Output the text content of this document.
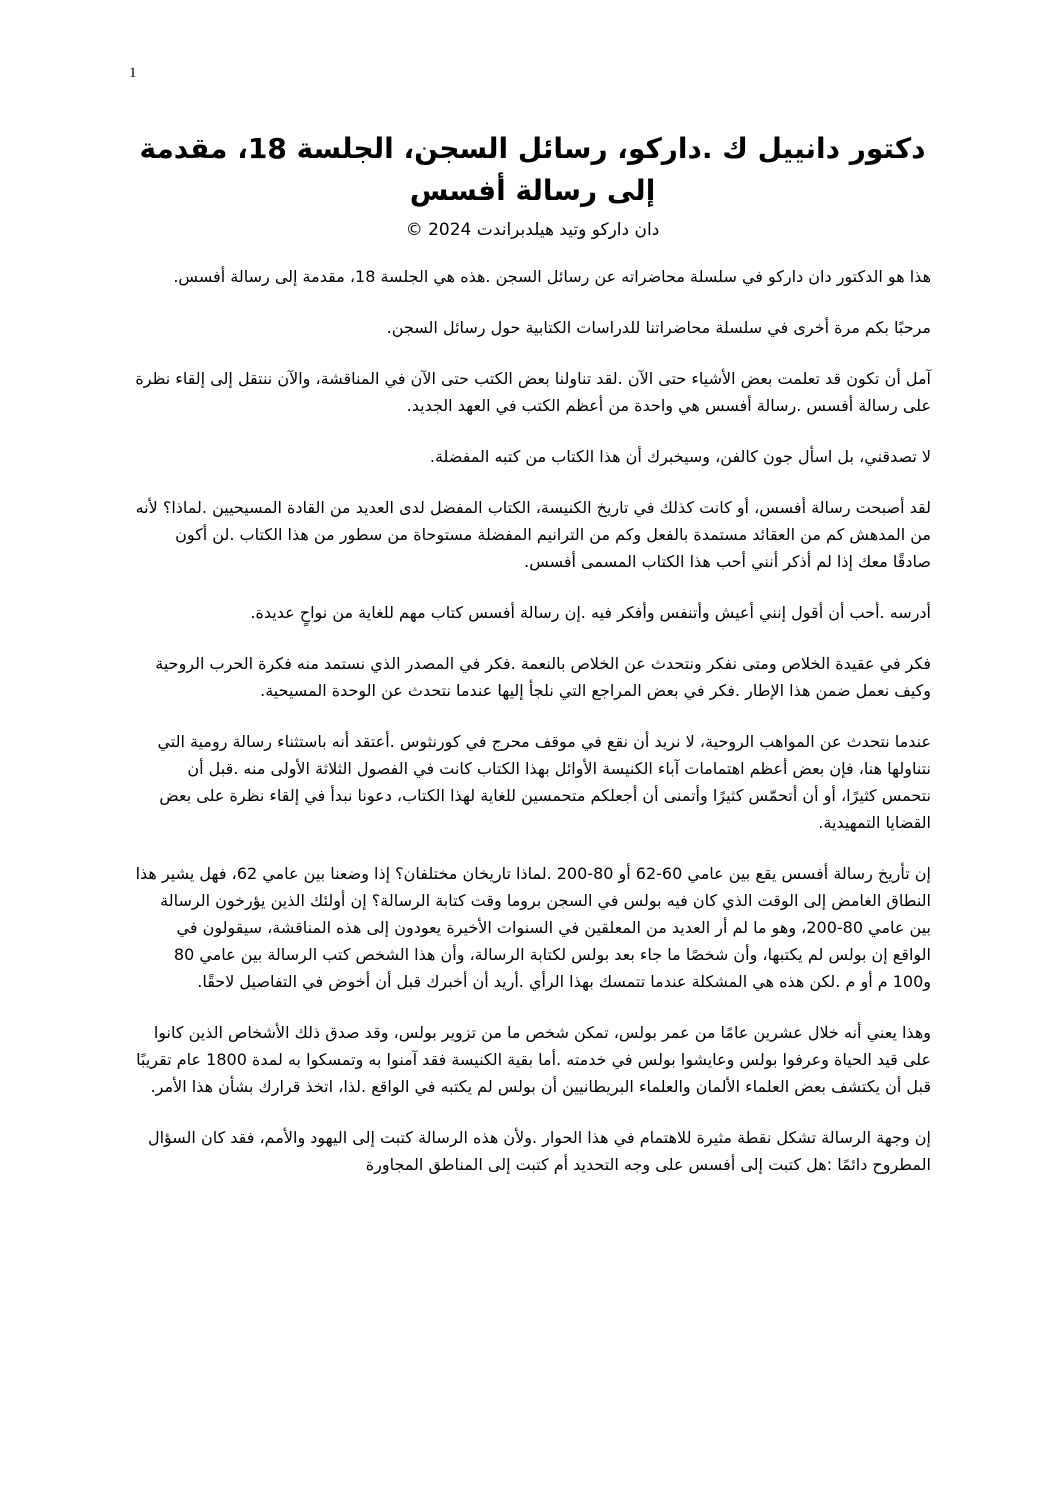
1
دكتور دانييل ك .داركو، رسائل السجن، الجلسة 18، مقدمة إلى رسالة أفسس
دان داركو وتيد هيلدبراندت 2024 ©

هذا هو الدكتور دان داركو في سلسلة محاضراته عن رسائل السجن .هذه هي الجلسة 18، مقدمة إلى رسالة أفسس.

مرحبًا بكم مرة أخرى في سلسلة محاضراتنا للدراسات الكتابية حول رسائل السجن.

آمل أن تكون قد تعلمت بعض الأشياء حتى الآن .لقد تناولنا بعض الكتب حتى الآن في المناقشة، والآن ننتقل إلى إلقاء نظرة على رسالة أفسس .رسالة أفسس هي واحدة من أعظم الكتب في العهد الجديد.

لا تصدقني، بل اسأل جون كالفن، وسيخبرك أن هذا الكتاب من كتبه المفضلة.

لقد أصبحت رسالة أفسس، أو كانت كذلك في تاريخ الكنيسة، الكتاب المفضل لدى العديد من القادة المسيحيين .لماذا؟ لأنه من المدهش كم من العقائد مستمدة بالفعل وكم من الترانيم المفضلة مستوحاة من سطور من هذا الكتاب .لن أكون صادقًا معك إذا لم أذكر أنني أحب هذا الكتاب المسمى أفسس.

أدرسه .أحب أن أقول إنني أعيش وأتنفس وأفكر فيه .إن رسالة أفسس كتاب مهم للغاية من نواحٍ عديدة.

فكر في عقيدة الخلاص ومتى نفكر ونتحدث عن الخلاص بالنعمة .فكر في المصدر الذي نستمد منه فكرة الحرب الروحية وكيف نعمل ضمن هذا الإطار .فكر في بعض المراجع التي نلجأ إليها عندما نتحدث عن الوحدة المسيحية.

عندما نتحدث عن المواهب الروحية، لا نريد أن نقع في موقف محرج في كورنثوس .أعتقد أنه باستثناء رسالة رومية التي نتناولها هنا، فإن بعض أعظم اهتمامات آباء الكنيسة الأوائل بهذا الكتاب كانت في الفصول الثلاثة الأولى منه .قبل أن نتحمس كثيرًا، أو أن أتحمّس كثيرًا وأتمنى أن أجعلكم متحمسين للغاية لهذا الكتاب، دعونا نبدأ في إلقاء نظرة على بعض القضايا التمهيدية.

إن تأريخ رسالة أفسس يقع بين عامي 60-62 أو 80-200 .لماذا تاريخان مختلفان؟ إذا وضعنا بين عامي 62، فهل يشير هذا النطاق الغامض إلى الوقت الذي كان فيه بولس في السجن بروما وقت كتابة الرسالة؟ إن أولئك الذين يؤرخون الرسالة بين عامي 80-200، وهو ما لم أر العديد من المعلقين في السنوات الأخيرة يعودون إلى هذه المناقشة، سيقولون في الواقع إن بولس لم يكتبها، وأن شخصًا ما جاء بعد بولس لكتابة الرسالة، وأن هذا الشخص كتب الرسالة بين عامي 80 و100 م أو م .لكن هذه هي المشكلة عندما تتمسك بهذا الرأي .أريد أن أخبرك قبل أن أخوض في التفاصيل لاحقًا.

وهذا يعني أنه خلال عشرين عامًا من عمر بولس، تمكن شخص ما من تزوير بولس، وقد صدق ذلك الأشخاص الذين كانوا على قيد الحياة وعرفوا بولس وعايشوا بولس في خدمته .أما بقية الكنيسة فقد آمنوا به وتمسكوا به لمدة 1800 عام تقريبًا قبل أن يكتشف بعض العلماء الألمان والعلماء البريطانيين أن بولس لم يكتبه في الواقع .لذا، اتخذ قرارك بشأن هذا الأمر.

إن وجهة الرسالة تشكل نقطة مثيرة للاهتمام في هذا الحوار .ولأن هذه الرسالة كتبت إلى اليهود والأمم، فقد كان السؤال المطروح دائمًا :هل كتبت إلى أفسس على وجه التحديد أم كتبت إلى المناطق المجاورة
